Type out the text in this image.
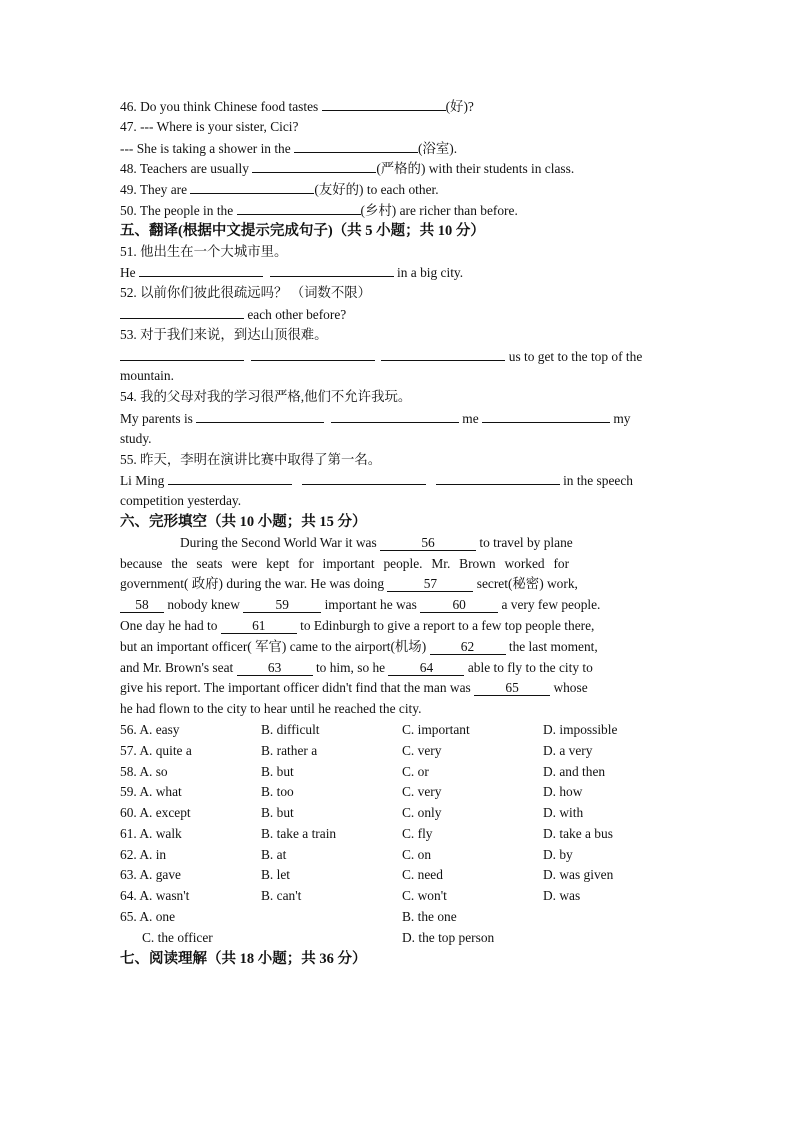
46. Do you think Chinese food tastes	(好)?
47. --- Where is your sister, Cici?
--- She is taking a shower in the	(浴室).
48. Teachers are usually	(严格的) with their students in class.
49. They are	(友好的) to each other.
50. The people in the	(乡村) are richer than before.
五、翻译(根据中文提示完成句子)（共 5 小题；共 10 分）
51. 他出生在一个大城市里。
He	in a big city.
52. 以前你们彼此很疏远吗？ （词数不限）
each other before?
53. 对于我们来说，到达山顶很难。
us to get to the top of the
mountain.
54. 我的父母对我的学习很严格,他们不允许我玩。
My parents is	me	my
study.
55. 昨天，李明在演讲比赛中取得了第一名。
Li Ming	in the speech
competition yesterday.
六、完形填空（共 10 小题；共 15 分）
During the Second World War it was	56	to travel by plane
because the seats were kept for important people. Mr. Brown worked for
government( 政府) during the war. He was doing	57	secret(秘密) work,
58 nobody knew 59 important he was 60 a very few people.
One day he had to 61 to Edinburgh to give a report to a few top people there,
but an important officer( 军官) came to the airport(机场) 62 the last moment,
and Mr. Brown's seat 63 to him, so he 64 able to fly to the city to
give his report. The important officer didn't find that the man was 65 whose
he had flown to the city to hear until he reached the city.
56. A. easy	B. difficult	C. important	D. impossible
57. A. quite a	B. rather a	C. very	D. a very
58. A. so	B. but	C. or	D. and then
59. A. what	B. too	C. very	D. how
60. A. except	B. but	C. only	D. with
61. A. walk	B. take a train	C. fly	D. take a bus
62. A. in	B. at	C. on	D. by
63. A. gave	B. let	C. need	D. was given
64. A. wasn't	B. can't	C. won't	D. was
65. A. one	B. the one
C. the officer	D. the top person
七、阅读理解（共 18 小题；共 36 分）
